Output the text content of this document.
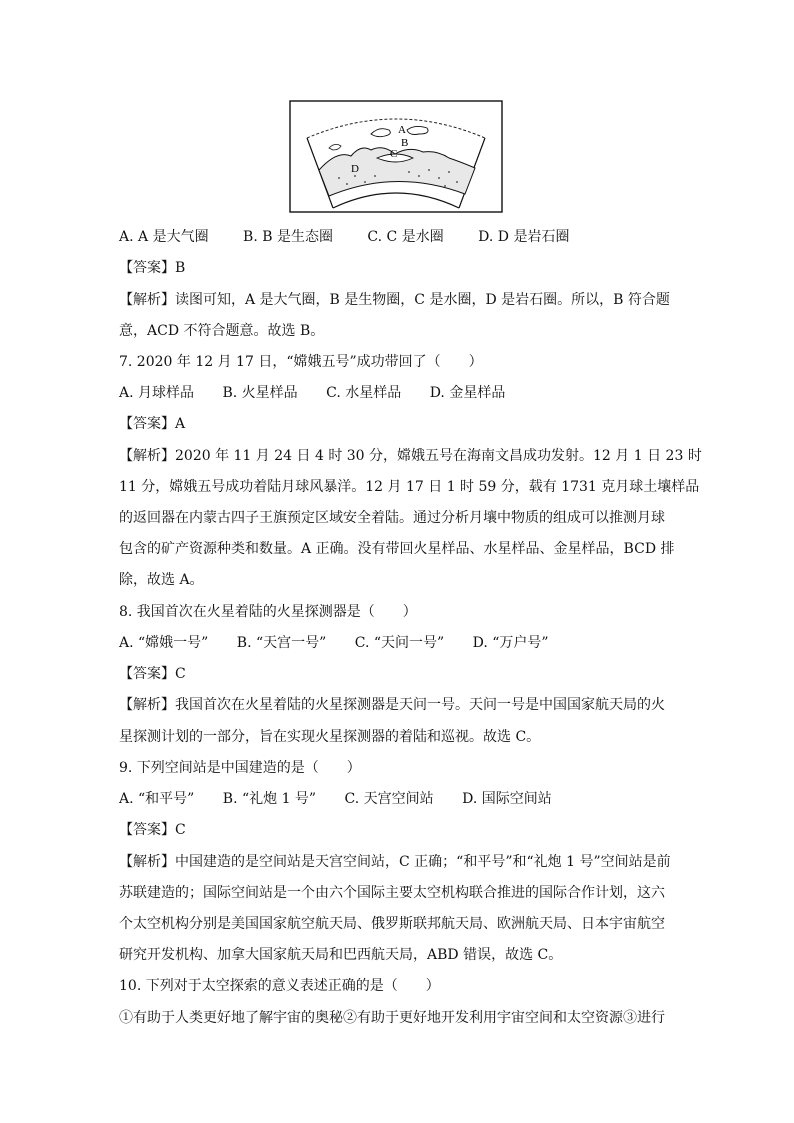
A
B
C
D
A. A 是大气圈 B. B 是生态圈 C. C 是水圈 D. D 是岩石圈
【答案】B
【解析】读图可知，A 是大气圈，B 是生物圈，C 是水圈，D 是岩石圈。所以，B 符合题
意，ACD 不符合题意。故选 B。
7. 2020 年 12 月 17 日，“嫦娥五号”成功带回了（　　）
A. 月球样品 B. 火星样品 C. 水星样品 D. 金星样品
【答案】A
【解析】2020 年 11 月 24 日 4 时 30 分，嫦娥五号在海南文昌成功发射。12 月 1 日 23 时
11 分，嫦娥五号成功着陆月球风暴洋。12 月 17 日 1 时 59 分，载有 1731 克月球土壤样品
的返回器在内蒙古四子王旗预定区域安全着陆。通过分析月壤中物质的组成可以推测月球
包含的矿产资源种类和数量。A 正确。没有带回火星样品、水星样品、金星样品，BCD 排
除，故选 A。
8. 我国首次在火星着陆的火星探测器是（　　）
A. “嫦娥一号” B. “天宫一号” C. “天问一号” D. “万户号”
【答案】C
【解析】我国首次在火星着陆的火星探测器是天问一号。天问一号是中国国家航天局的火
星探测计划的一部分，旨在实现火星探测器的着陆和巡视。故选 C。
9. 下列空间站是中国建造的是（　　）
A. “和平号” B. “礼炮 1 号” C. 天宫空间站 D. 国际空间站
【答案】C
【解析】中国建造的是空间站是天宫空间站，C 正确；“和平号”和“礼炮 1 号”空间站是前
苏联建造的；国际空间站是一个由六个国际主要太空机构联合推进的国际合作计划，这六
个太空机构分别是美国国家航空航天局、俄罗斯联邦航天局、欧洲航天局、日本宇宙航空
研究开发机构、加拿大国家航天局和巴西航天局，ABD 错误，故选 C。
10. 下列对于太空探索的意义表述正确的是（　　）
①有助于人类更好地了解宇宙的奥秘②有助于更好地开发利用宇宙空间和太空资源③进行
